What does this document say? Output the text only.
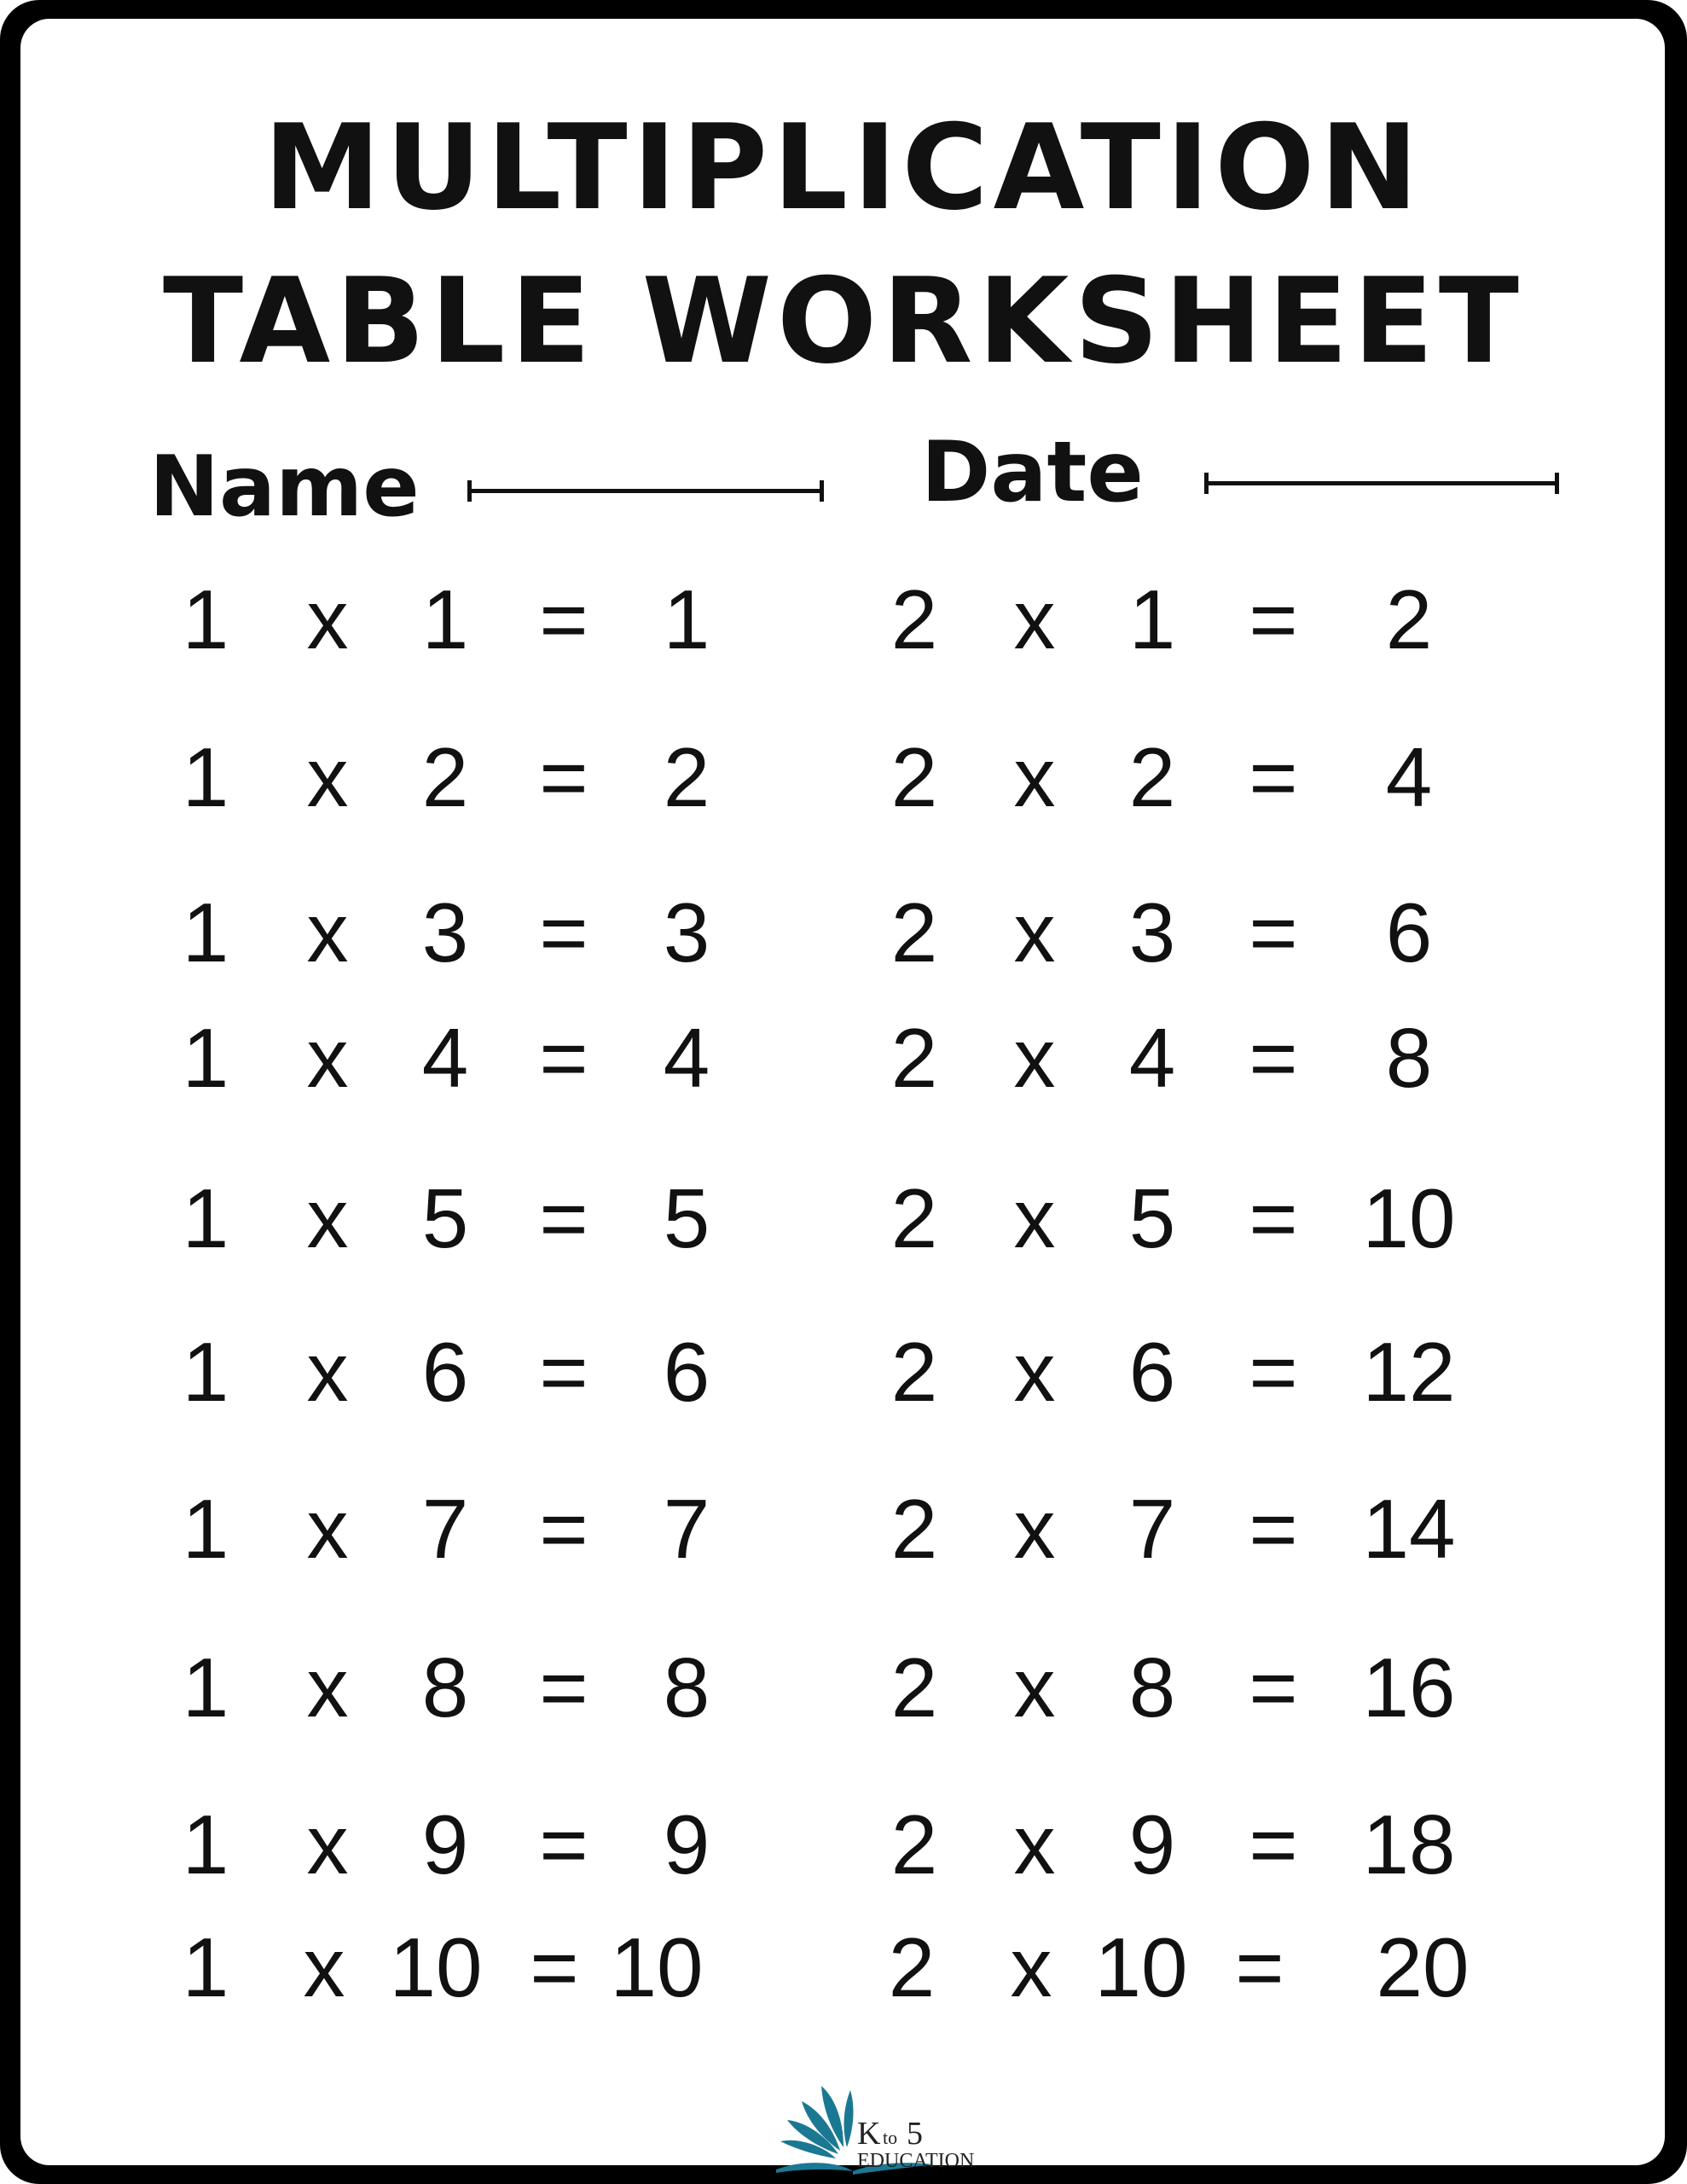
MULTIPLICATION
TABLE WORKSHEET
Name	Date
1 x 1 = 1
1 x 2 = 2
1 x 3 = 3
1 x 4 = 4
1 x 5 = 5
1 x 6 = 6
1 x 7 = 7
1 x 8 = 8
1 x 9 = 9
1 x 10 = 10
2 x 1 = 2
2 x 2 = 4
2 x 3 = 6
2 x 4 = 8
2 x 5 = 10
2 x 6 = 12
2 x 7 = 14
2 x 8 = 16
2 x 9 = 18
2 x 10 = 20
K to 5
EDUCATION
